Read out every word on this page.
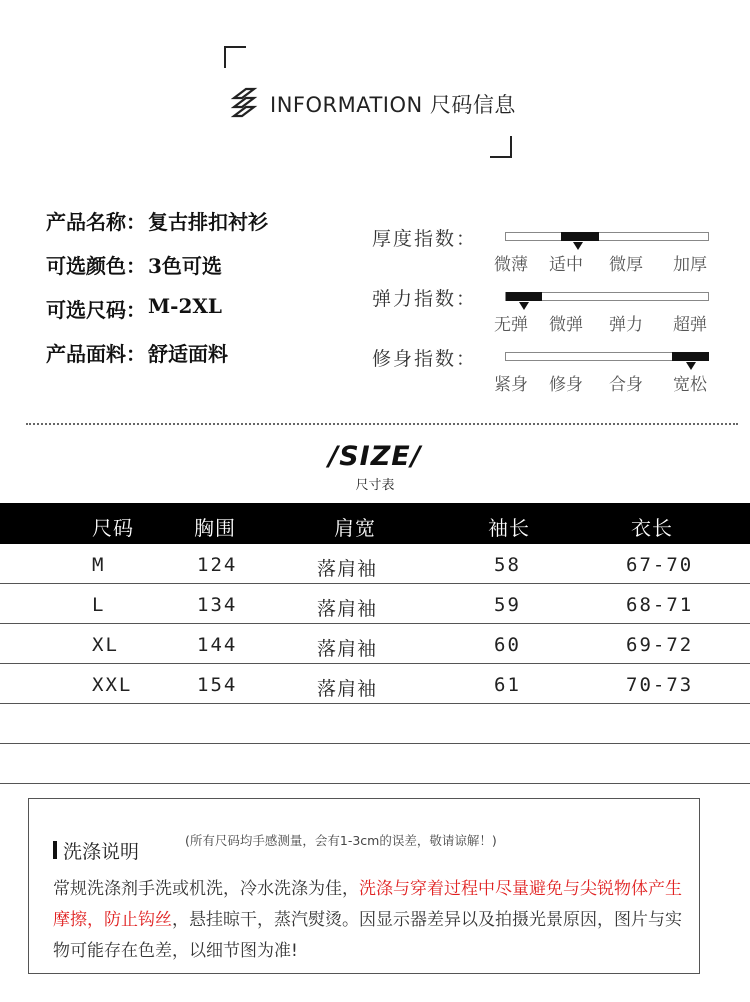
INFORMATION 尺码信息
产品名称： 复古排扣衬衫
可选颜色： 3色可选
可选尺码： M-2XL
产品面料： 舒适面料
厚度指数：
微薄 适中 微厚 加厚
弹力指数：
无弹 微弹 弹力 超弹
修身指数：
紧身 修身 合身 宽松
/SIZE/
尺寸表
尺码	胸围	肩宽	袖长	衣长
M	124	落肩袖	58	67-70
L	134	落肩袖	59	68-71
XL	144	落肩袖	60	69-72
XXL	154	落肩袖	61	70-73
洗涤说明
(所有尺码均手感测量，会有1-3cm的误差，敬请谅解！)
常规洗涤剂手洗或机洗，冷水洗涤为佳，洗涤与穿着过程中尽量避免与尖锐物体产生摩擦，防止钩丝，悬挂晾干，蒸汽熨烫。因显示器差异以及拍摄光景原因，图片与实物可能存在色差，以细节图为准!
